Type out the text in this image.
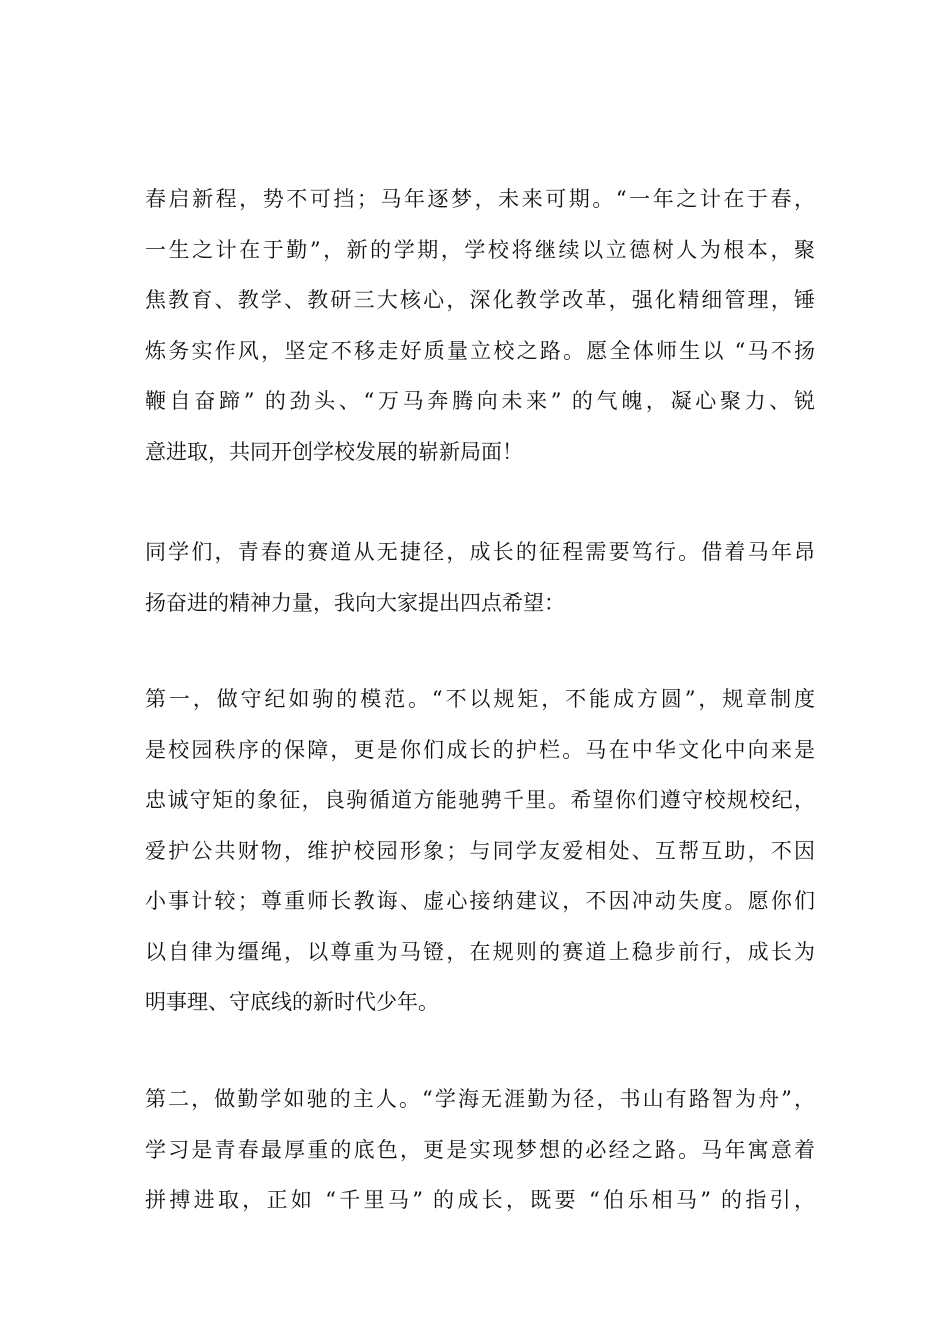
春启新程，势不可挡；马年逐梦，未来可期。“一年之计在于春，
一生之计在于勤”，新的学期，学校将继续以立德树人为根本，聚
焦教育、教学、教研三大核心，深化教学改革，强化精细管理，锤
炼务实作风，坚定不移走好质量立校之路。愿全体师生以 “马不扬
鞭自奋蹄” 的劲头、“万马奔腾向未来” 的气魄，凝心聚力、锐
意进取，共同开创学校发展的崭新局面！
同学们，青春的赛道从无捷径，成长的征程需要笃行。借着马年昂
扬奋进的精神力量，我向大家提出四点希望：
第一，做守纪如驹的模范。“不以规矩，不能成方圆”，规章制度
是校园秩序的保障，更是你们成长的护栏。马在中华文化中向来是
忠诚守矩的象征，良驹循道方能驰骋千里。希望你们遵守校规校纪，
爱护公共财物，维护校园形象；与同学友爱相处、互帮互助，不因
小事计较；尊重师长教诲、虚心接纳建议，不因冲动失度。愿你们
以自律为缰绳，以尊重为马镫，在规则的赛道上稳步前行，成长为
明事理、守底线的新时代少年。
第二，做勤学如驰的主人。“学海无涯勤为径，书山有路智为舟”，
学习是青春最厚重的底色，更是实现梦想的必经之路。马年寓意着
拼搏进取，正如 “千里马” 的成长，既要 “伯乐相马” 的指引，
